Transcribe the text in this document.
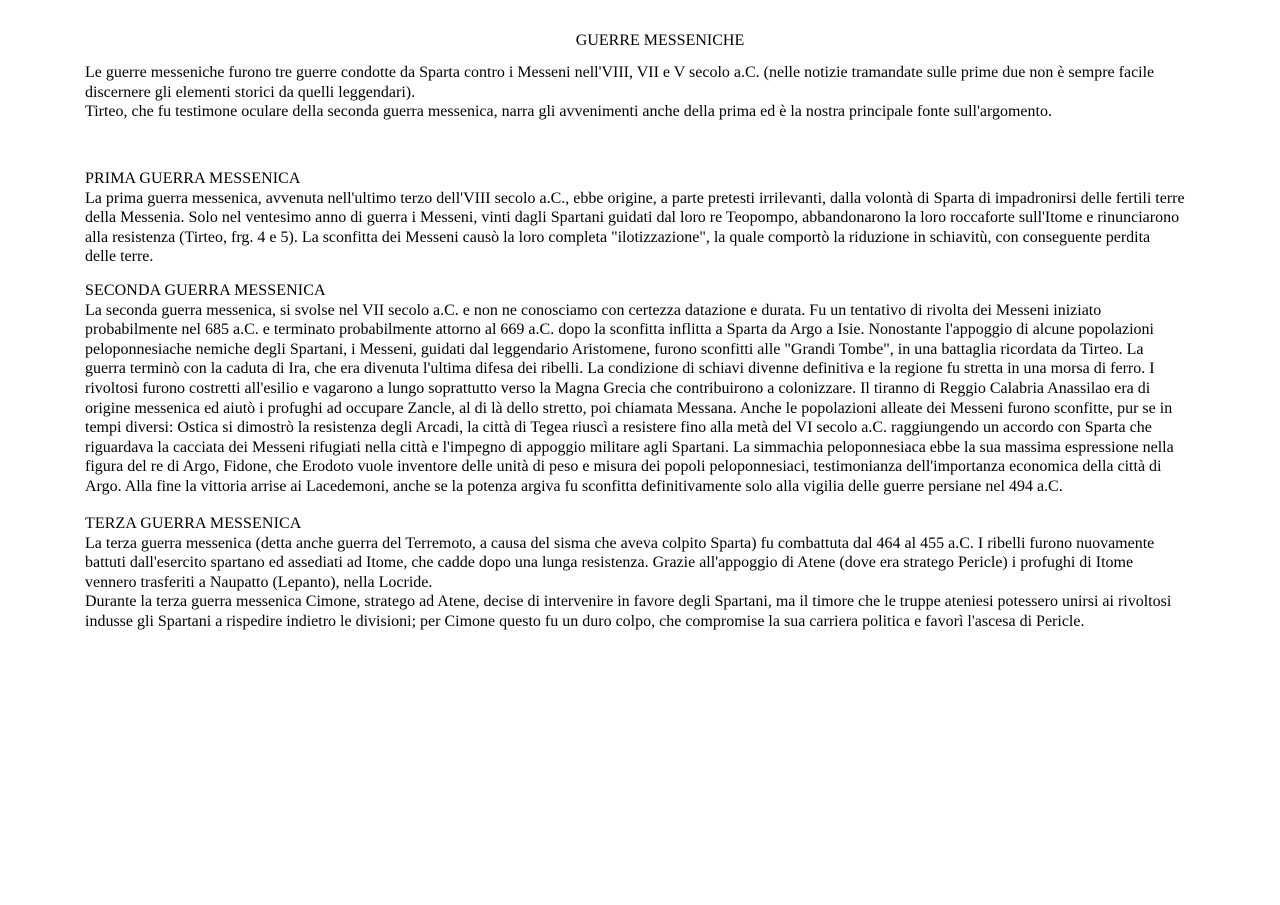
GUERRE MESSENICHE
Le guerre messeniche furono tre guerre condotte da Sparta contro i Messeni nell'VIII, VII e V secolo a.C. (nelle notizie tramandate sulle prime due non è sempre facile
discernere gli elementi storici da quelli leggendari).
Tirteo, che fu testimone oculare della seconda guerra messenica, narra gli avvenimenti anche della prima ed è la nostra principale fonte sull'argomento.
PRIMA GUERRA MESSENICA
La prima guerra messenica, avvenuta nell'ultimo terzo dell'VIII secolo a.C., ebbe origine, a parte pretesti irrilevanti, dalla volontà di Sparta di impadronirsi delle fertili terre
della Messenia. Solo nel ventesimo anno di guerra i Messeni, vinti dagli Spartani guidati dal loro re Teopompo, abbandonarono la loro roccaforte sull'Itome e rinunciarono
alla resistenza (Tirteo, frg. 4 e 5). La sconfitta dei Messeni causò la loro completa "ilotizzazione", la quale comportò la riduzione in schiavitù, con conseguente perdita
delle terre.
SECONDA GUERRA MESSENICA
La seconda guerra messenica, si svolse nel VII secolo a.C. e non ne conosciamo con certezza datazione e durata. Fu un tentativo di rivolta dei Messeni iniziato
probabilmente nel 685 a.C. e terminato probabilmente attorno al 669 a.C. dopo la sconfitta inflitta a Sparta da Argo a Isie. Nonostante l'appoggio di alcune popolazioni
peloponnesiache nemiche degli Spartani, i Messeni, guidati dal leggendario Aristomene, furono sconfitti alle "Grandi Tombe", in una battaglia ricordata da Tirteo. La
guerra terminò con la caduta di Ira, che era divenuta l'ultima difesa dei ribelli. La condizione di schiavi divenne definitiva e la regione fu stretta in una morsa di ferro. I
rivoltosi furono costretti all'esilio e vagarono a lungo soprattutto verso la Magna Grecia che contribuirono a colonizzare. Il tiranno di Reggio Calabria Anassilao era di
origine messenica ed aiutò i profughi ad occupare Zancle, al di là dello stretto, poi chiamata Messana. Anche le popolazioni alleate dei Messeni furono sconfitte, pur se in
tempi diversi: Ostica si dimostrò la resistenza degli Arcadi, la città di Tegea riuscì a resistere fino alla metà del VI secolo a.C. raggiungendo un accordo con Sparta che
riguardava la cacciata dei Messeni rifugiati nella città e l'impegno di appoggio militare agli Spartani. La simmachia peloponnesiaca ebbe la sua massima espressione nella
figura del re di Argo, Fidone, che Erodoto vuole inventore delle unità di peso e misura dei popoli peloponnesiaci, testimonianza dell'importanza economica della città di
Argo. Alla fine la vittoria arrise ai Lacedemoni, anche se la potenza argiva fu sconfitta definitivamente solo alla vigilia delle guerre persiane nel 494 a.C.
TERZA GUERRA MESSENICA
La terza guerra messenica (detta anche guerra del Terremoto, a causa del sisma che aveva colpito Sparta) fu combattuta dal 464 al 455 a.C. I ribelli furono nuovamente
battuti dall'esercito spartano ed assediati ad Itome, che cadde dopo una lunga resistenza. Grazie all'appoggio di Atene (dove era stratego Pericle) i profughi di Itome
vennero trasferiti a Naupatto (Lepanto), nella Locride.
Durante la terza guerra messenica Cimone, stratego ad Atene, decise di intervenire in favore degli Spartani, ma il timore che le truppe ateniesi potessero unirsi ai rivoltosi
indusse gli Spartani a rispedire indietro le divisioni; per Cimone questo fu un duro colpo, che compromise la sua carriera politica e favorì l'ascesa di Pericle.
